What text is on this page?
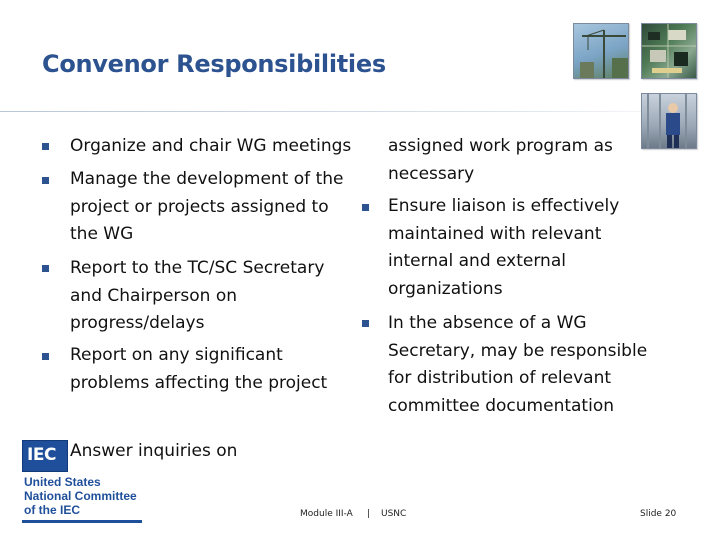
Convenor Responsibilities
Organize and chair WG meetings
Manage the development of the
project or projects assigned to
the WG
Report to the TC/SC Secretary
and Chairperson on
progress/delays
Report on any significant
problems affecting the project
Answer inquiries on
assigned work program as
necessary
Ensure liaison is effectively
maintained with relevant
internal and external
organizations
In the absence of a WG
Secretary, may be responsible
for distribution of relevant
committee documentation
IEC
United States
National Committee
of the IEC	Module III-A | USNC	Slide 20
